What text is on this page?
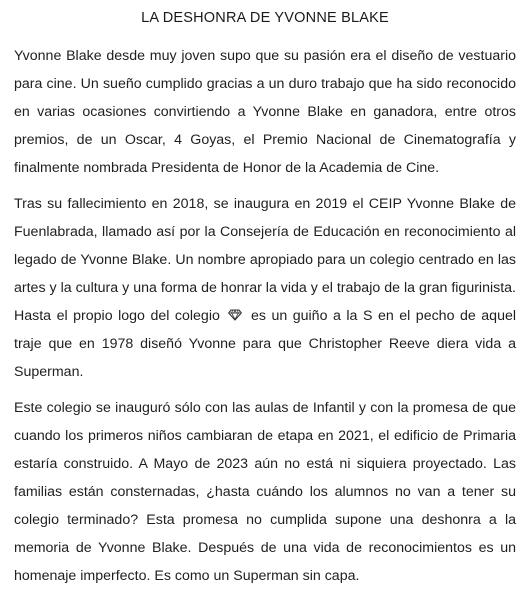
LA DESHONRA DE YVONNE BLAKE

Yvonne Blake desde muy joven supo que su pasión era el diseño de vestuario para cine. Un sueño cumplido gracias a un duro trabajo que ha sido reconocido en varias ocasiones convirtiendo a Yvonne Blake en ganadora, entre otros premios, de un Oscar, 4 Goyas, el Premio Nacional de Cinematografía y finalmente nombrada Presidenta de Honor de la Academia de Cine.

Tras su fallecimiento en 2018, se inaugura en 2019 el CEIP Yvonne Blake de Fuenlabrada, llamado así por la Consejería de Educación en reconocimiento al legado de Yvonne Blake. Un nombre apropiado para un colegio centrado en las artes y la cultura y una forma de honrar la vida y el trabajo de la gran figurinista. Hasta el propio logo del colegio es un guiño a la S en el pecho de aquel traje que en 1978 diseñó Yvonne para que Christopher Reeve diera vida a Superman.

Este colegio se inauguró sólo con las aulas de Infantil y con la promesa de que cuando los primeros niños cambiaran de etapa en 2021, el edificio de Primaria estaría construido. A Mayo de 2023 aún no está ni siquiera proyectado. Las familias están consternadas, ¿hasta cuándo los alumnos no van a tener su colegio terminado? Esta promesa no cumplida supone una deshonra a la memoria de Yvonne Blake. Después de una vida de reconocimientos es un homenaje imperfecto. Es como un Superman sin capa.
